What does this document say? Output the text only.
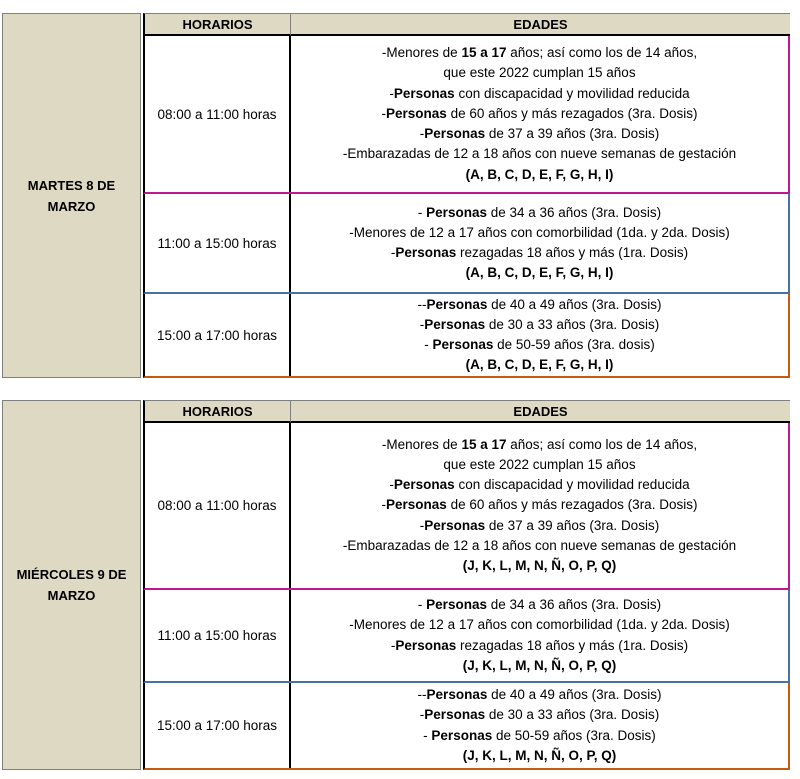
MARTES 8 DE MARZO
HORARIOS	EDADES
08:00 a 11:00 horas
-Menores de 15 a 17 años; así como los de 14 años,
que este 2022 cumplan 15 años
-Personas con discapacidad y movilidad reducida
-Personas de 60 años y más rezagados (3ra. Dosis)
-Personas de 37 a 39 años (3ra. Dosis)
-Embarazadas de 12 a 18 años con nueve semanas de gestación
(A, B, C, D, E, F, G, H, I)
11:00 a 15:00 horas
- Personas de 34 a 36 años (3ra. Dosis)
-Menores de 12 a 17 años con comorbilidad (1da. y 2da. Dosis)
-Personas rezagadas 18 años y más (1ra. Dosis)
(A, B, C, D, E, F, G, H, I)
15:00 a 17:00 horas
--Personas de 40 a 49 años (3ra. Dosis)
-Personas de 30 a 33 años (3ra. Dosis)
- Personas de 50-59 años (3ra. dosis)
(A, B, C, D, E, F, G, H, I)
MIÉRCOLES 9 DE MARZO
HORARIOS	EDADES
08:00 a 11:00 horas
-Menores de 15 a 17 años; así como los de 14 años,
que este 2022 cumplan 15 años
-Personas con discapacidad y movilidad reducida
-Personas de 60 años y más rezagados (3ra. Dosis)
-Personas de 37 a 39 años (3ra. Dosis)
-Embarazadas de 12 a 18 años con nueve semanas de gestación
(J, K, L, M, N, Ñ, O, P, Q)
11:00 a 15:00 horas
- Personas de 34 a 36 años (3ra. Dosis)
-Menores de 12 a 17 años con comorbilidad (1da. y 2da. Dosis)
-Personas rezagadas 18 años y más (1ra. Dosis)
(J, K, L, M, N, Ñ, O, P, Q)
15:00 a 17:00 horas
--Personas de 40 a 49 años (3ra. Dosis)
-Personas de 30 a 33 años (3ra. Dosis)
- Personas de 50-59 años (3ra. Dosis)
(J, K, L, M, N, Ñ, O, P, Q)
